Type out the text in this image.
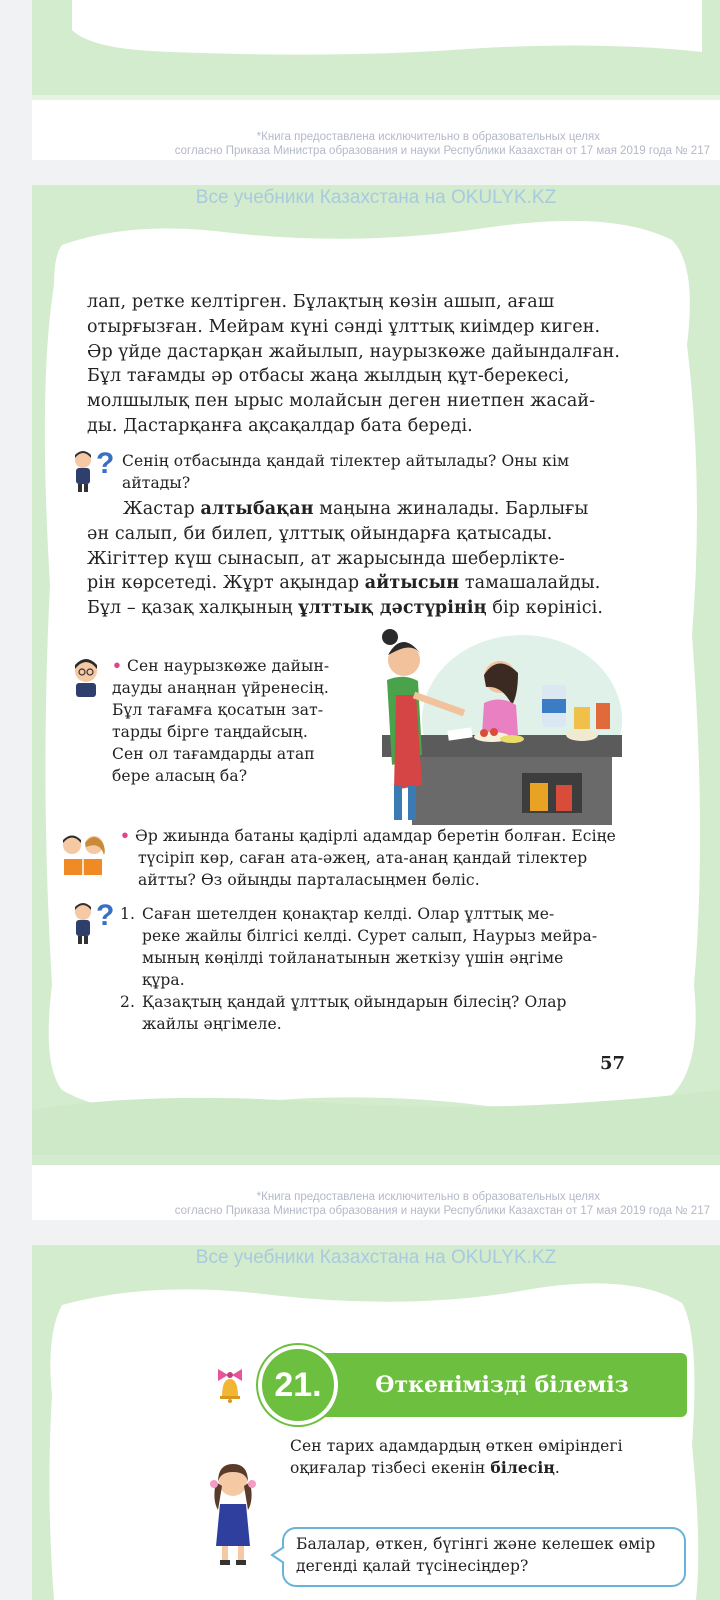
*Книга предоставлена исключительно в образовательных целях
согласно Приказа Министра образования и науки Республики Казахстан от 17 мая 2019 года № 217
Все учебники Казахстана на OKULYK.KZ
лап, ретке келтірген. Бұлақтың көзін ашып, ағаш
отырғызған. Мейрам күні сәнді ұлттық киімдер киген.
Әр үйде дастарқан жайылып, наурызкөже дайындалған.
Бұл тағамды әр отбасы жаңа жылдың құт-берекесі,
молшылық пен ырыс молайсын деген ниетпен жасай-
ды. Дастарқанға ақсақалдар бата береді.
? Сенің отбасында қандай тілектер айтылады? Оны кім
айтады?
Жастар алтыбақан маңына жиналады. Барлығы
ән салып, би билеп, ұлттық ойындарға қатысады.
Жігіттер күш сынасып, ат жарысында шеберлікте-
рін көрсетеді. Жұрт ақындар айтысын тамашалайды.
Бұл – қазақ халқының ұлттық дәстүрінің бір көрінісі.
• Сен наурызкөже дайын-
дауды анаңнан үйренесің.
Бұл тағамға қосатын зат-
тарды бірге таңдайсың.
Сен ол тағамдарды атап
бере аласың ба?
• Әр жиында батаны қадірлі адамдар беретін болған. Есіңе
түсіріп көр, саған ата-әжең, ата-анаң қандай тілектер
айтты? Өз ойыңды парталасыңмен бөліс.
? 1. Саған шетелден қонақтар келді. Олар ұлттық ме-
реке жайлы білгісі келді. Сурет салып, Наурыз мейра-
мының көңілді тойланатынын жеткізу үшін әңгіме
құра.
2. Қазақтың қандай ұлттық ойындарын білесің? Олар
жайлы әңгімеле.
57
*Книга предоставлена исключительно в образовательных целях
согласно Приказа Министра образования и науки Республики Казахстан от 17 мая 2019 года № 217
Все учебники Казахстана на OKULYK.KZ
Өткенімізді білеміз
21.
Сен тарих адамдардың өткен өміріндегі
оқиғалар тізбесі екенін білесің.
Балалар, өткен, бүгінгі және келешек өмір
дегенді қалай түсінесіңдер?
